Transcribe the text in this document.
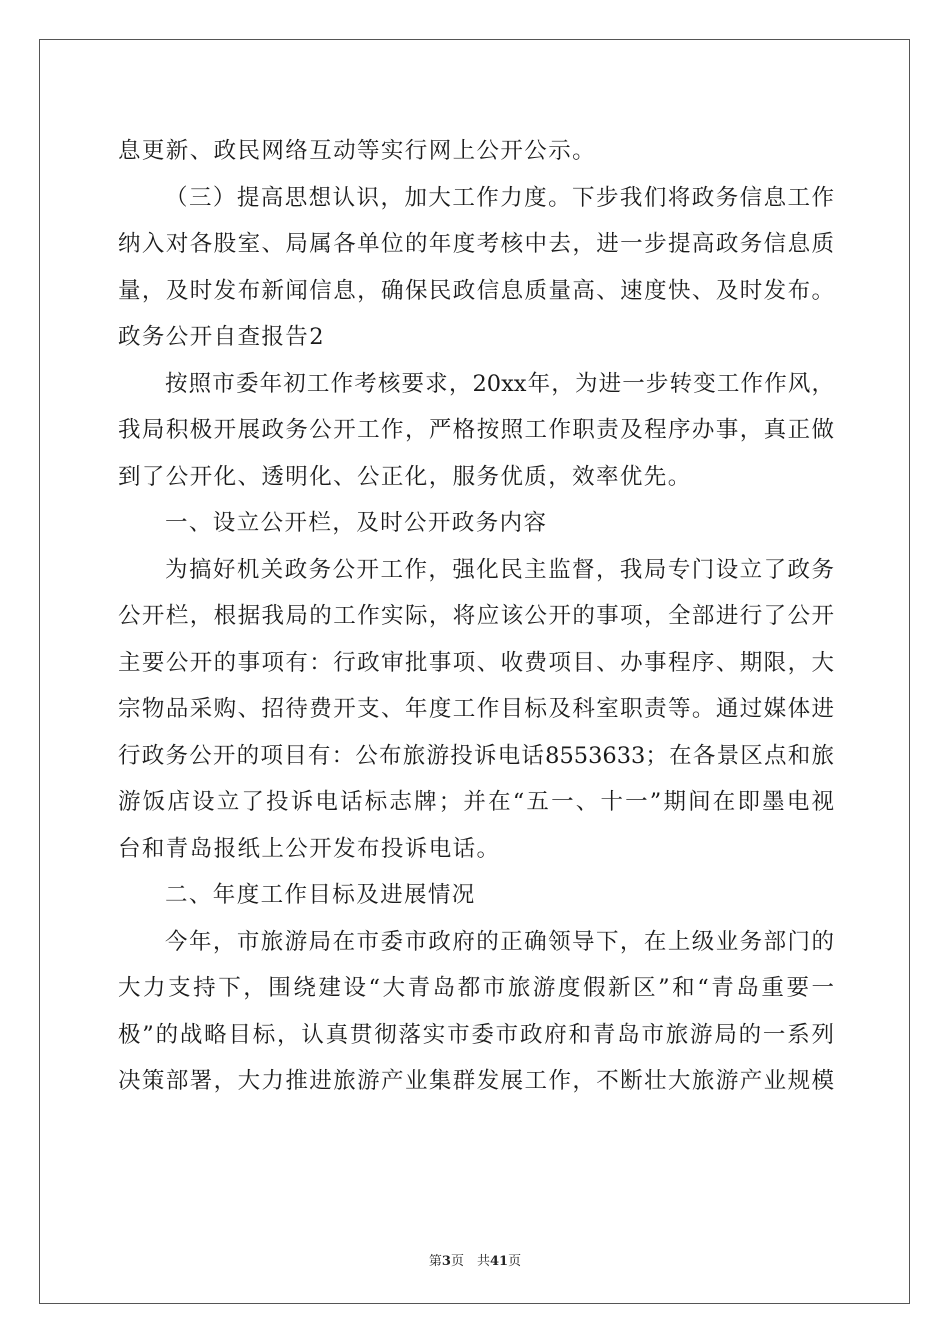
息更新、政民网络互动等实行网上公开公示。
（三）提高思想认识，加大工作力度。下步我们将政务信息工作
纳入对各股室、局属各单位的年度考核中去，进一步提高政务信息质
量，及时发布新闻信息，确保民政信息质量高、速度快、及时发布。
政务公开自查报告2
按照市委年初工作考核要求，20xx年，为进一步转变工作作风，
我局积极开展政务公开工作，严格按照工作职责及程序办事，真正做
到了公开化、透明化、公正化，服务优质，效率优先。
一、设立公开栏，及时公开政务内容
为搞好机关政务公开工作，强化民主监督，我局专门设立了政务
公开栏，根据我局的工作实际，将应该公开的事项，全部进行了公开
主要公开的事项有：行政审批事项、收费项目、办事程序、期限，大
宗物品采购、招待费开支、年度工作目标及科室职责等。通过媒体进
行政务公开的项目有：公布旅游投诉电话8553633；在各景区点和旅
游饭店设立了投诉电话标志牌；并在“五一、十一”期间在即墨电视
台和青岛报纸上公开发布投诉电话。
二、年度工作目标及进展情况
今年，市旅游局在市委市政府的正确领导下，在上级业务部门的
大力支持下，围绕建设“大青岛都市旅游度假新区”和“青岛重要一
极”的战略目标，认真贯彻落实市委市政府和青岛市旅游局的一系列
决策部署，大力推进旅游产业集群发展工作，不断壮大旅游产业规模
第3页　共41页
